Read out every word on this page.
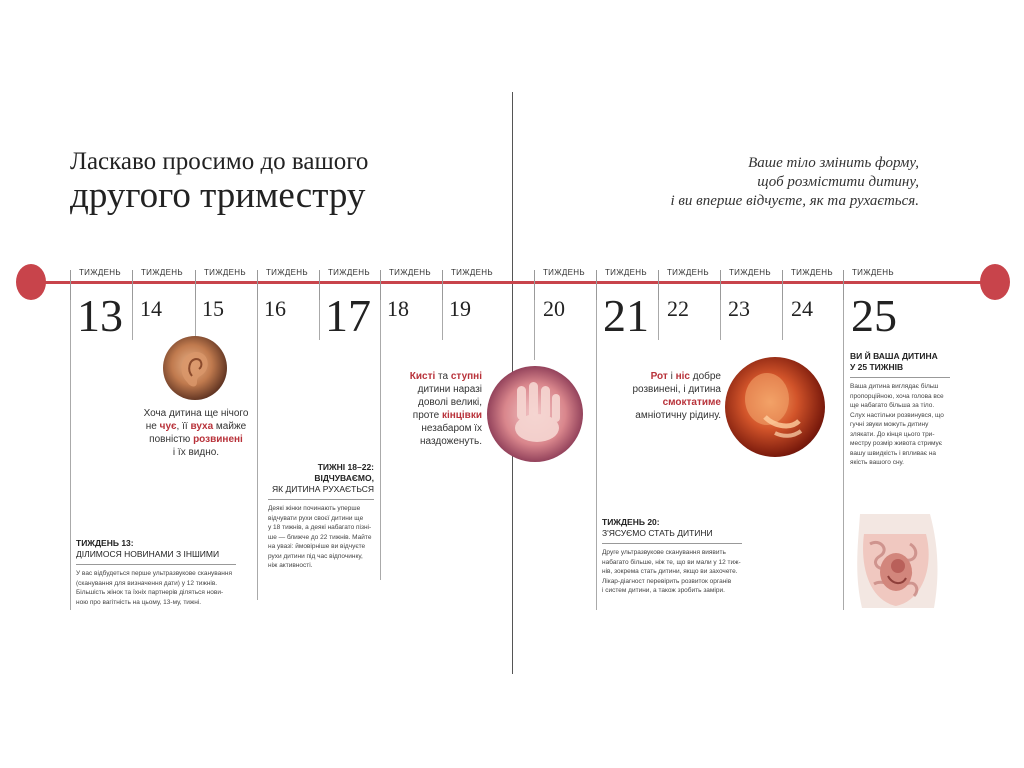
Ласкаво просимо до вашого
другого триместру
Ваше тіло змінить форму,
щоб розмістити дитину,
і ви вперше відчуєте, як та рухається.
ТИЖДЕНЬ	ТИЖДЕНЬ	ТИЖДЕНЬ	ТИЖДЕНЬ	ТИЖДЕНЬ ТИЖДЕНЬ	ТИЖДЕНЬ	ТИЖДЕНЬ	ТИЖДЕНЬ	ТИЖДЕНЬ	ТИЖДЕНЬ	ТИЖДЕНЬ ТИЖДЕНЬ
13 14 15 16 17 18 19	20 21 22 23 24 25
Хоча дитина ще нічого
не чує, її вуха майже
повністю розвинені
і їх видно.
Кисті та ступні
дитини наразі
доволі великі,
проте кінцівки
незабаром їх
наздоженуть.
Рот і ніс добре
розвинені, і дитина
смоктатиме
амніотичну рідину.
ТИЖДЕНЬ 13:
ДІЛИМОСЯ НОВИНАМИ З ІНШИМИ
У вас відбудеться перше ультразвукове сканування
(сканування для визначення дати) у 12 тижнів.
Більшість жінок та їхніх партнерів діляться нови-
ною про вагітність на цьому, 13-му, тижні.
ТИЖНІ 18–22: ВІДЧУВАЄМО,
ЯК ДИТИНА РУХАЄТЬСЯ
Деякі жінки починають уперше
відчувати рухи своєї дитини ще
у 18 тижнів, а деякі набагато пізні-
ше — ближче до 22 тижнів. Майте
на увазі: ймовірніше ви відчуєте
рухи дитини під час відпочинку,
ніж активності.
ТИЖДЕНЬ 20:
З'ЯСУЄМО СТАТЬ ДИТИНИ
Друге ультразвукове сканування виявить
набагато більше, ніж те, що ви мали у 12 тиж-
нів, зокрема стать дитини, якщо ви захочете.
Лікар-діагност перевірить розвиток органів
і систем дитини, а також зробить заміри.
ВИ Й ВАША ДИТИНА
У 25 ТИЖНІВ
Ваша дитина виглядає більш
пропорційною, хоча голова все
ще набагато більша за тіло.
Слух настільки розвинувся, що
гучні звуки можуть дитину
злякати. До кінця цього три-
местру розмір живота стримує
вашу швидкість і впливає на
якість вашого сну.
